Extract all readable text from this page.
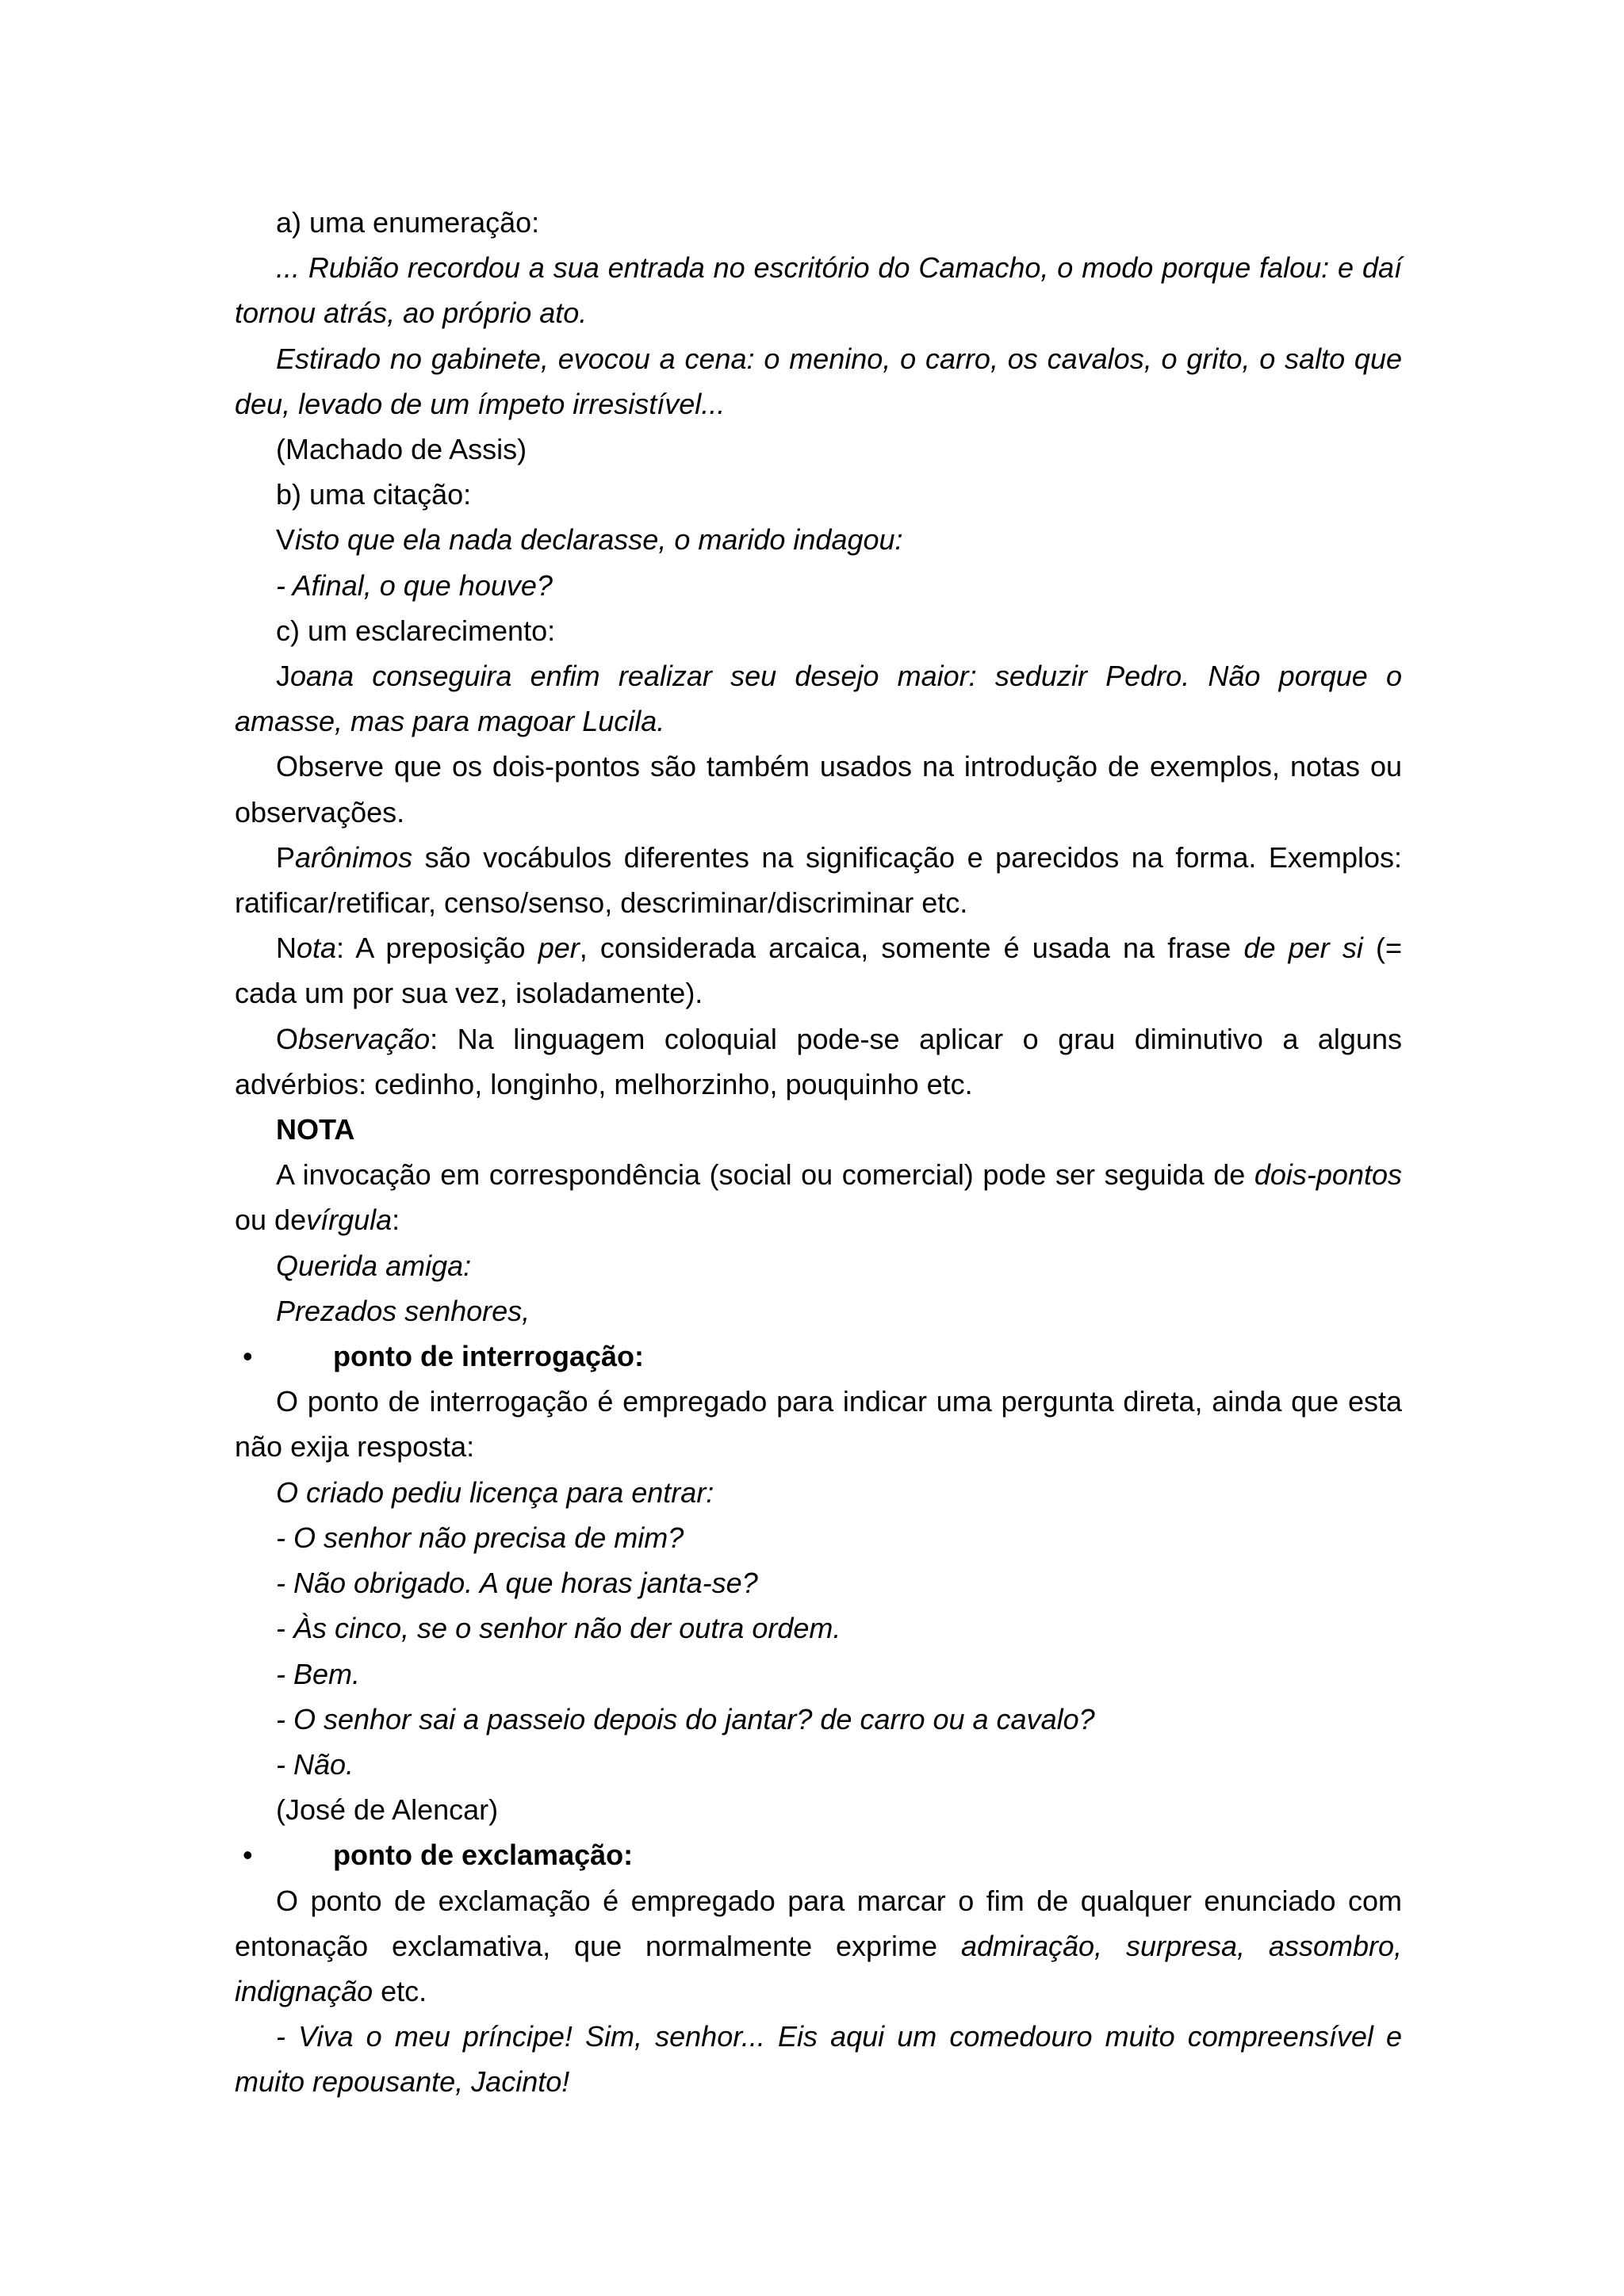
a) uma enumeração:

... Rubião recordou a sua entrada no escritório do Camacho, o modo porque falou: e daí tornou atrás, ao próprio ato.

Estirado no gabinete, evocou a cena: o menino, o carro, os cavalos, o grito, o salto que deu, levado de um ímpeto irresistível...

(Machado de Assis)

b) uma citação:

Visto que ela nada declarasse, o marido indagou:

- Afinal, o que houve?

c) um esclarecimento:

Joana conseguira enfim realizar seu desejo maior: seduzir Pedro. Não porque o amasse, mas para magoar Lucila.

Observe que os dois-pontos são também usados na introdução de exemplos, notas ou observações.

Parônimos são vocábulos diferentes na significação e parecidos na forma. Exemplos: ratificar/retificar, censo/senso, descriminar/discriminar etc.

Nota: A preposição per, considerada arcaica, somente é usada na frase de per si (= cada um por sua vez, isoladamente).

Observação: Na linguagem coloquial pode-se aplicar o grau diminutivo a alguns advérbios: cedinho, longinho, melhorzinho, pouquinho etc.

NOTA

A invocação em correspondência (social ou comercial) pode ser seguida de dois-pontos ou devírgula:

Querida amiga:

Prezados senhores,

•	ponto de interrogação:

O ponto de interrogação é empregado para indicar uma pergunta direta, ainda que esta não exija resposta:

O criado pediu licença para entrar:

- O senhor não precisa de mim?

- Não obrigado. A que horas janta-se?

- Às cinco, se o senhor não der outra ordem.

- Bem.

- O senhor sai a passeio depois do jantar? de carro ou a cavalo?

- Não.

(José de Alencar)

•	ponto de exclamação:

O ponto de exclamação é empregado para marcar o fim de qualquer enunciado com entonação exclamativa, que normalmente exprime admiração, surpresa, assombro, indignação etc.

- Viva o meu príncipe! Sim, senhor... Eis aqui um comedouro muito compreensível e muito repousante, Jacinto!
